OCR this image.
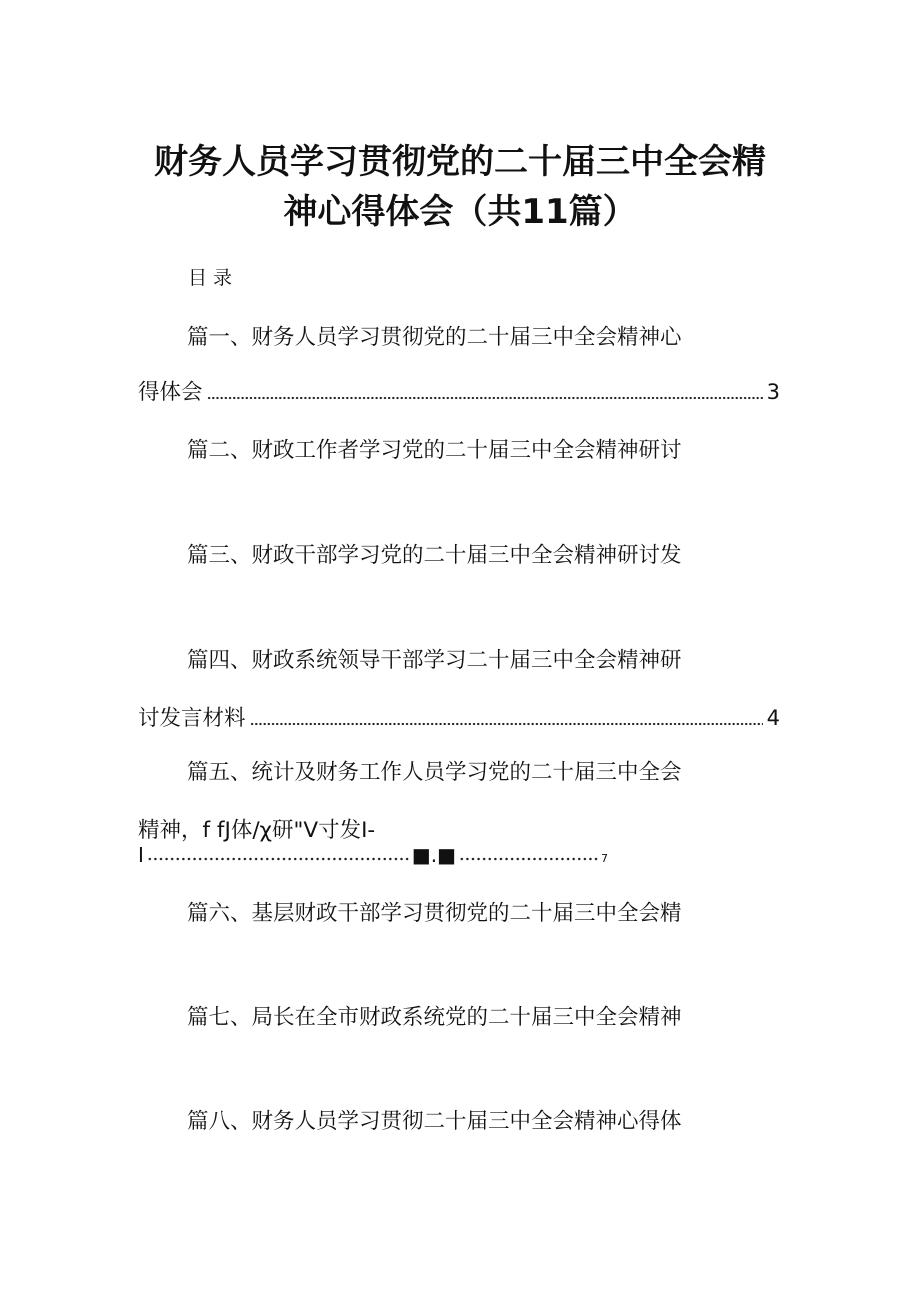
财务人员学习贯彻党的二十届三中全会精
神心得体会（共11篇）
目录
篇一、财务人员学习贯彻党的二十届三中全会精神心
得体会	3
篇二、财政工作者学习党的二十届三中全会精神研讨
篇三、财政干部学习党的二十届三中全会精神研讨发
篇四、财政系统领导干部学习二十届三中全会精神研
讨发言材料	4
篇五、统计及财务工作人员学习党的二十届三中全会
精神，f fJ体∕χ研"V寸发I-
I	■.■	7
篇六、基层财政干部学习贯彻党的二十届三中全会精
篇七、局长在全市财政系统党的二十届三中全会精神
篇八、财务人员学习贯彻二十届三中全会精神心得体
